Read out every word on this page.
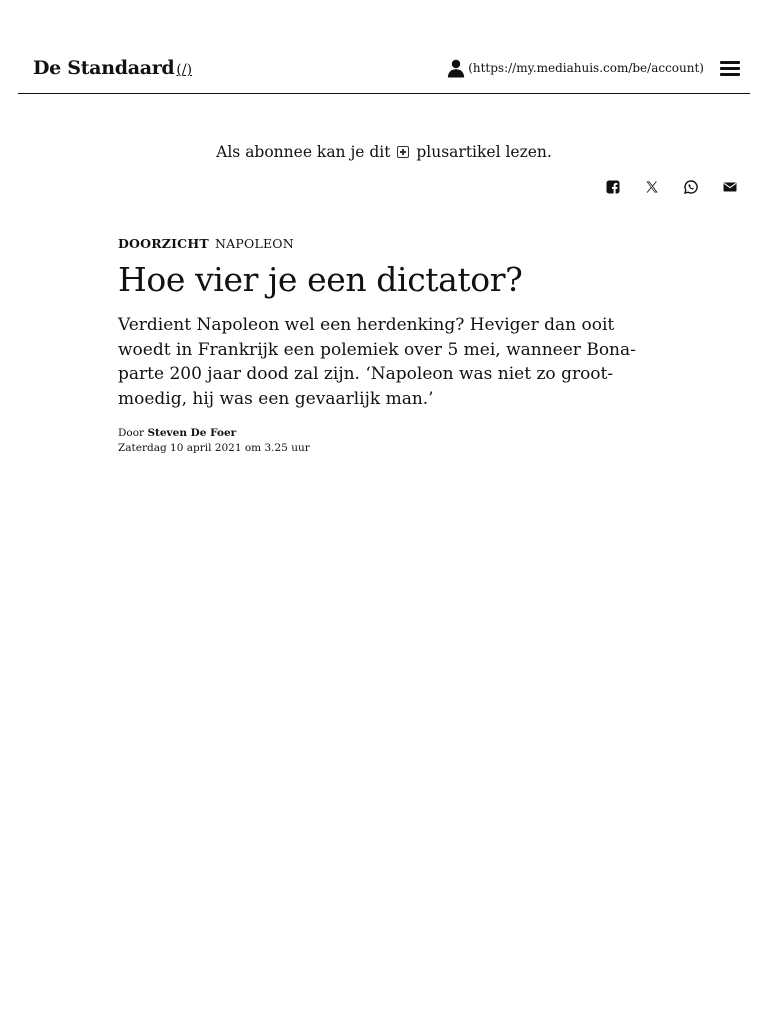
De Standaard (/)	(https://my.mediahuis.com/be/account)
Als abonnee kan je dit plusartikel lezen.

DOORZICHT NAPOLEON

Hoe vier je een dictator?

Verdient Napoleon wel een herdenking? Heviger dan ooit woedt in Frankrijk een polemiek over 5 mei, wanneer Bonaparte 200 jaar dood zal zijn. ‘Napoleon was niet zo grootmoedig, hij was een gevaarlijk man.’

Door Steven De Foer
Zaterdag 10 april 2021 om 3.25 uur
